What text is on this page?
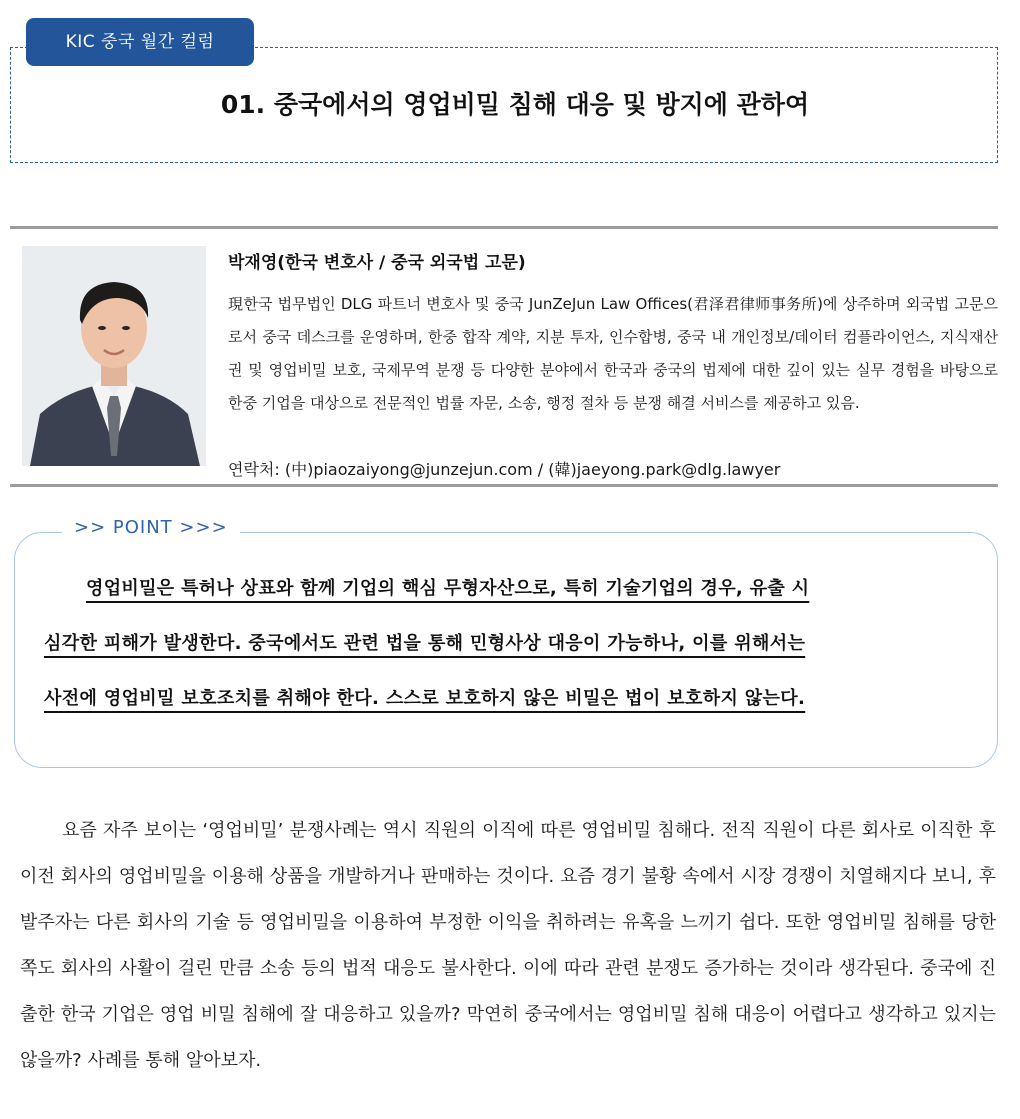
KIC 중국 월간 컬럼
01. 중국에서의 영업비밀 침해 대응 및 방지에 관하여
박재영(한국 변호사 / 중국 외국법 고문)
現한국 법무법인 DLG 파트너 변호사 및 중국 JunZeJun Law Offices(君泽君律师事务所)에 상주하며 외국법 고문으로서 중국 데스크를 운영하며, 한중 합작 계약, 지분 투자, 인수합병, 중국 내 개인정보/데이터 컴플라이언스, 지식재산권 및 영업비밀 보호, 국제무역 분쟁 등 다양한 분야에서 한국과 중국의 법제에 대한 깊이 있는 실무 경험을 바탕으로 한중 기업을 대상으로 전문적인 법률 자문, 소송, 행정 절차 등 분쟁 해결 서비스를 제공하고 있음.
연락처: (中)piaozaiyong@junzejun.com / (韓)jaeyong.park@dlg.lawyer
>> POINT >>>
영업비밀은 특허나 상표와 함께 기업의 핵심 무형자산으로, 특히 기술기업의 경우, 유출 시
심각한 피해가 발생한다. 중국에서도 관련 법을 통해 민형사상 대응이 가능하나, 이를 위해서는
사전에 영업비밀 보호조치를 취해야 한다. 스스로 보호하지 않은 비밀은 법이 보호하지 않는다.

요즘 자주 보이는 ‘영업비밀’ 분쟁사례는 역시 직원의 이직에 따른 영업비밀 침해다. 전직 직원이 다른 회사로 이직한 후 이전 회사의 영업비밀을 이용해 상품을 개발하거나 판매하는 것이다. 요즘 경기 불황 속에서 시장 경쟁이 치열해지다 보니, 후발주자는 다른 회사의 기술 등 영업비밀을 이용하여 부정한 이익을 취하려는 유혹을 느끼기 쉽다. 또한 영업비밀 침해를 당한 쪽도 회사의 사활이 걸린 만큼 소송 등의 법적 대응도 불사한다. 이에 따라 관련 분쟁도 증가하는 것이라 생각된다. 중국에 진출한 한국 기업은 영업 비밀 침해에 잘 대응하고 있을까? 막연히 중국에서는 영업비밀 침해 대응이 어렵다고 생각하고 있지는 않을까? 사례를 통해 알아보자.
